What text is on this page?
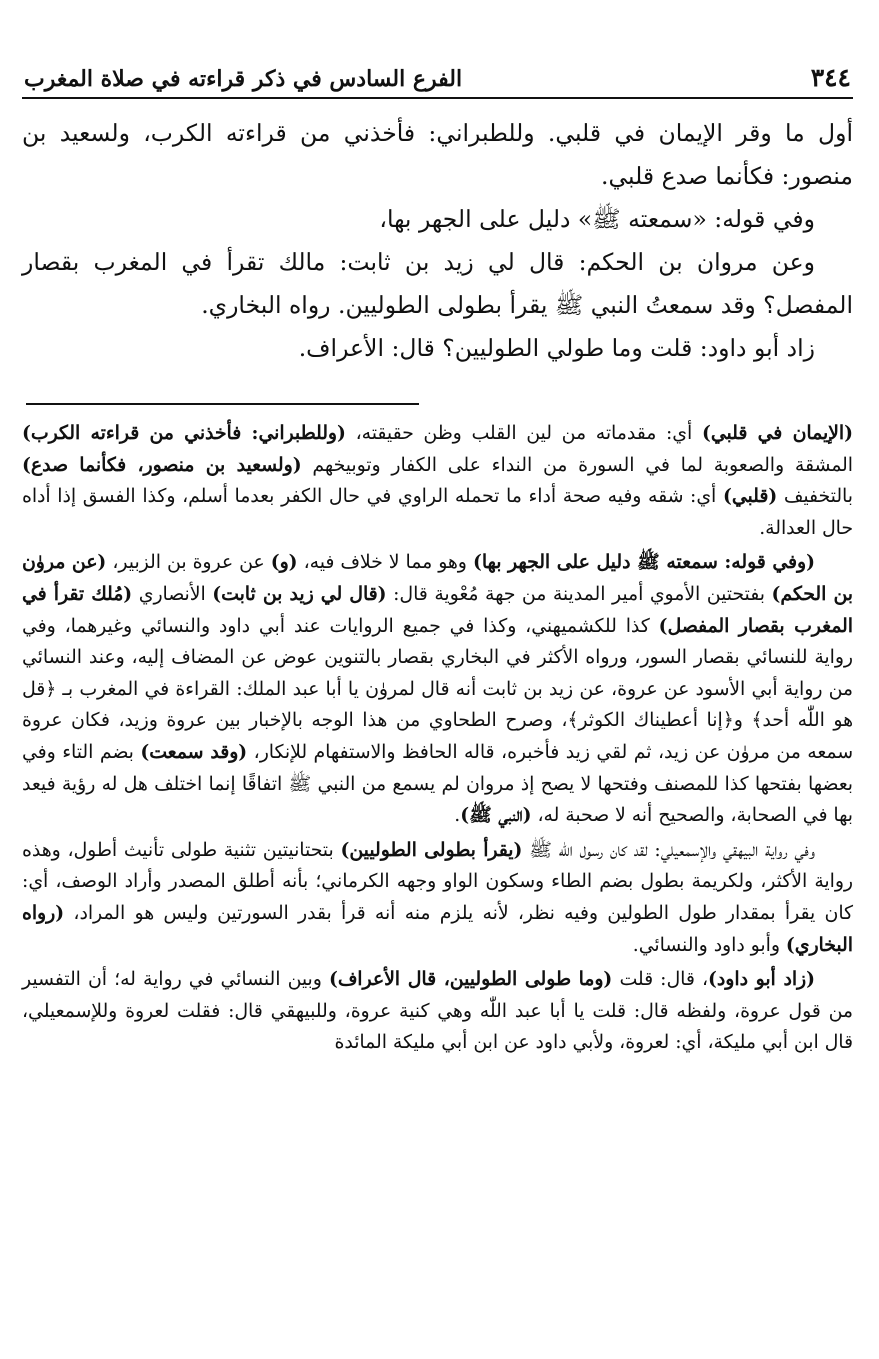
٣٤٤
الفرع السادس في ذكر قراءته في صلاة المغرب

أول ما وقر الإيمان في قلبي. وللطبراني: فأخذني من قراءته الكرب، ولسعيد بن منصور: فكأنما صدع قلبي.

وفي قوله: «سمعته ﷺ» دليل على الجهر بها،

وعن مروان بن الحكم: قال لي زيد بن ثابت: مالك تقرأ في المغرب بقصار المفصل؟ وقد سمعتُ النبي ﷺ يقرأ بطولى الطوليين. رواه البخاري.

زاد أبو داود: قلت وما طولي الطوليين؟ قال: الأعراف.

(الإيمان في قلبي) أي: مقدماته من لين القلب وظن حقيقته، (وللطبراني: فأخذني من قراءته الكرب) المشقة والصعوبة لما في السورة من النداء على الكفار وتوبيخهم (ولسعيد بن منصور، فكأنما صدع) بالتخفيف (قلبي) أي: شقه وفيه صحة أداء ما تحمله الراوي في حال الكفر بعدما أسلم، وكذا الفسق إذا أداه حال العدالة.

(وفي قوله: سمعته ﷺ دليل على الجهر بها) وهو مما لا خلاف فيه، (و) عن عروة بن الزبير، (عن مرۈن بن الحكم) بفتحتين الأموي أمير المدينة من جهة مُعْوية قال: (قال لي زيد بن ثابت) الأنصاري (مُلك تقرأ في المغرب بقصار المفصل) كذا للكشميهني، وكذا في جميع الروايات عند أبي داود والنسائي وغيرهما، وفي رواية للنسائي بقصار السور، ورواه الأكثر في البخاري بقصار بالتنوين عوض عن المضاف إليه، وعند النسائي من رواية أبي الأسود عن عروة، عن زيد بن ثابت أنه قال لمرۈن يا أبا عبد الملك: القراءة في المغرب بـ ﴿قل هو اللّٰه أحد﴾ و﴿إنا أعطيناك الكوثر﴾، وصرح الطحاوي من هذا الوجه بالإخبار بين عروة وزيد، فكان عروة سمعه من مرۈن عن زيد، ثم لقي زيد فأخبره، قاله الحافظ والاستفهام للإنكار، (وقد سمعت) بضم التاء وفي بعضها بفتحها كذا للمصنف وفتحها لا يصح إذ مروان لم يسمع من النبي ﷺ اتفاقًا إنما اختلف هل له رؤية فيعد بها في الصحابة، والصحيح أنه لا صحبة له، (النبي ﷺ).

وفي رواية البيهقي والإسمعيلي: لقد كان رسول اللّٰه ﷺ (يقرأ بطولى الطوليين) بتحتانيتين تثنية طولى تأنيث أطول، وهذه رواية الأكثر، ولكريمة بطول بضم الطاء وسكون الواو وجهه الكرماني؛ بأنه أطلق المصدر وأراد الوصف، أي: كان يقرأ بمقدار طول الطولين وفيه نظر، لأنه يلزم منه أنه قرأ بقدر السورتين وليس هو المراد، (رواه البخاري) وأبو داود والنسائي.

(زاد أبو داود)، قال: قلت (وما طولى الطوليين، قال الأعراف) وبين النسائي في رواية له؛ أن التفسير من قول عروة، ولفظه قال: قلت يا أبا عبد اللّٰه وهي كنية عروة، وللبيهقي قال: فقلت لعروة وللإسمعيلي، قال ابن أبي مليكة، أي: لعروة، ولأبي داود عن ابن أبي مليكة المائدة
